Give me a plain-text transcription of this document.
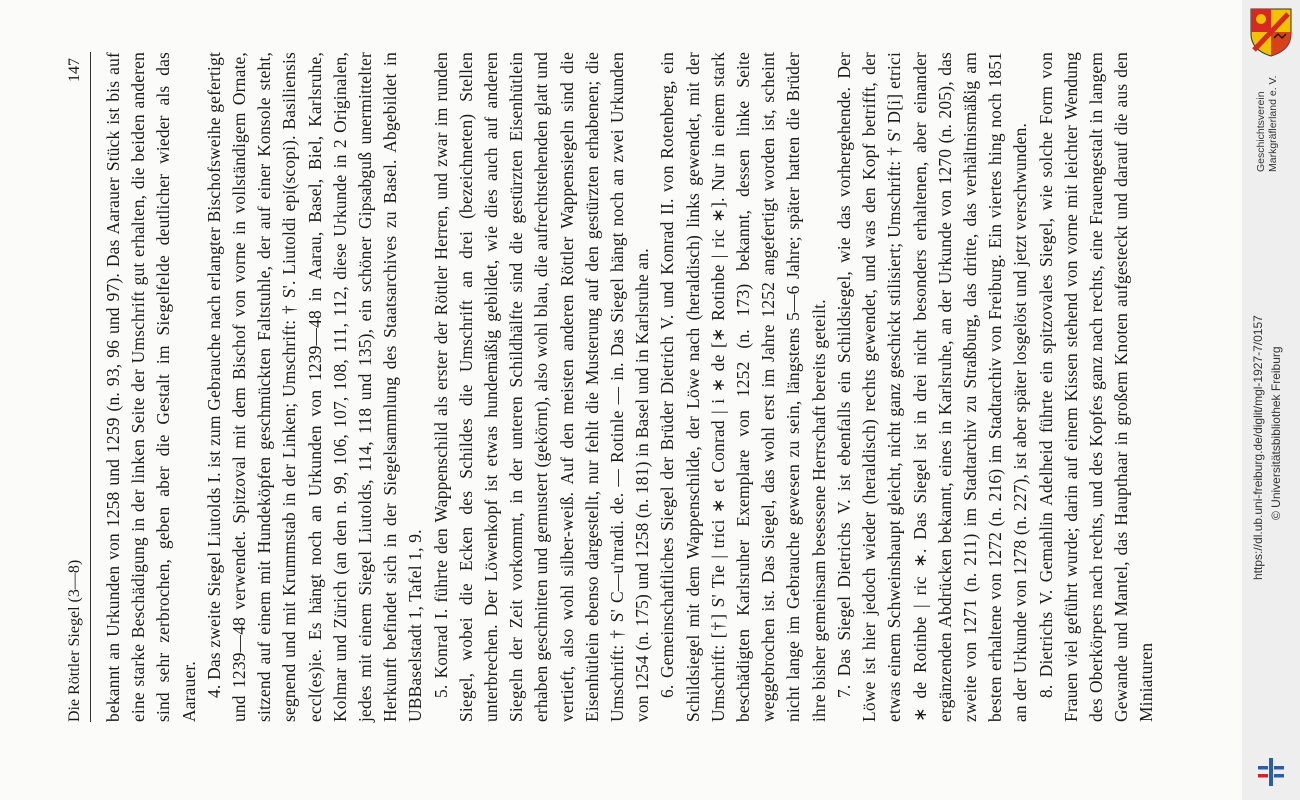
Die Röttler Siegel (3—8)
147 bekannt an Urkunden von 1258 und 1259 (n. 93, 96 und 97). Das Aarauer Stück ist bis auf eine starke Beschädigung in der linken Seite der Umschrift gut erhalten, die beiden anderen sind sehr zerbrochen, geben aber die Gestalt im Siegelfelde deutlicher wieder als das Aarauer. 4. Das zweite Siegel Liutolds I. ist zum Gebrauche nach erlangter Bischofsweihe gefertigt und 1239—48 verwendet. Spitzoval mit dem Bischof von vorne in vollständigem Ornate, sitzend auf einem mit Hundeköpfen geschmückten Faltstuhle, der auf einer Konsole steht, segnend und mit Krummstab in der Linken; Umschrift: † S'. Liutoldi epi(scopi). Basiliensis eccl(es)ie. Es hängt noch an Urkunden von 1239—48 in Aarau, Basel, Biel, Karlsruhe, Kolmar und Zürich (an den n. 99, 106, 107, 108, 111, 112, diese Urkunde in 2 Originalen, jedes mit einem Siegel Liutolds, 114, 118 und 135), ein schöner Gipsabguß unermittelter Herkunft befindet sich in der Siegelsammlung des Staatsarchives zu Basel. Abgebildet in UBBaselstadt 1, Tafel 1, 9. 5. Konrad I. führte den Wappenschild als erster der Röttler Herren, und zwar im runden Siegel, wobei die Ecken des Schildes die Umschrift an drei (bezeichneten) Stellen unterbrechen. Der Löwenkopf ist etwas hundemäßig gebildet, wie dies auch auf anderen Siegeln der Zeit vorkommt, in der unteren Schildhälfte sind die gestürzten Eisenhütlein erhaben geschnitten und gemustert (gekörnt), also wohl blau, die aufrechtstehenden glatt und vertieft, also wohl silber-weiß. Auf den meisten anderen Röttler Wappensiegeln sind die Eisenhütlein ebenso dargestellt, nur fehlt die Musterung auf den gestürzten erhabenen; die Umschrift: † S' C—u'nradi. de. — Rotinle — in. Das Siegel hängt noch an zwei Urkunden von 1254 (n. 175) und 1258 (n. 181) in Basel und in Karlsruhe an. 6. Gemeinschaftliches Siegel der Brüder Dietrich V. und Konrad II. von Rotenberg, ein Schildsiegel mit dem Wappenschilde, der Löwe nach (heraldisch) links gewendet, mit der Umschrift: [†] S' Tie | trici ∗ et Conrad | i ∗ de [∗ Rotinbe | ric ∗]. Nur in einem stark beschädigten Karlsruher Exemplare von 1252 (n. 173) bekannt, dessen linke Seite weggebrochen ist. Das Siegel, das wohl erst im Jahre 1252 angefertigt worden ist, scheint nicht lange im Gebrauche gewesen zu sein, längstens 5—6 Jahre; später hatten die Brüder ihre bisher gemeinsam besessene Herrschaft bereits geteilt. 7. Das Siegel Dietrichs V. ist ebenfalls ein Schildsiegel, wie das vorhergehende. Der Löwe ist hier jedoch wieder (heraldisch) rechts gewendet, und was den Kopf betrifft, der etwas einem Schweinshaupt gleicht, nicht ganz geschickt stilisiert; Umschrift: † S' D[i] etrici ∗ de Rotinbe | ric ∗. Das Siegel ist in drei nicht besonders erhaltenen, aber einander ergänzenden Abdrücken bekannt, eines in Karlsruhe, an der Urkunde von 1270 (n. 205), das zweite von 1271 (n. 211) im Stadtarchiv zu Straßburg, das dritte, das verhältnismäßig am besten erhaltene von 1272 (n. 216) im Stadtarchiv von Freiburg. Ein viertes hing noch 1851 an der Urkunde von 1278 (n. 227), ist aber später losgelöst und jetzt verschwunden. 8. Dietrichs V. Gemahlin Adelheid führte ein spitzovales Siegel, wie solche Form von Frauen viel geführt wurde; darin auf einem Kissen stehend von vorne mit leichter Wendung des Oberkörpers nach rechts, und des Kopfes ganz nach rechts, eine Frauengestalt in langem Gewande und Mantel, das Haupthaar in großem Knoten aufgesteckt und darauf die aus den Miniaturen

Geschichtsverein Markgräflerland e. V.
https://dl.ub.uni-freiburg.de/diglit/mgl-1927-7/0157 © Universitätsbibliothek Freiburg
